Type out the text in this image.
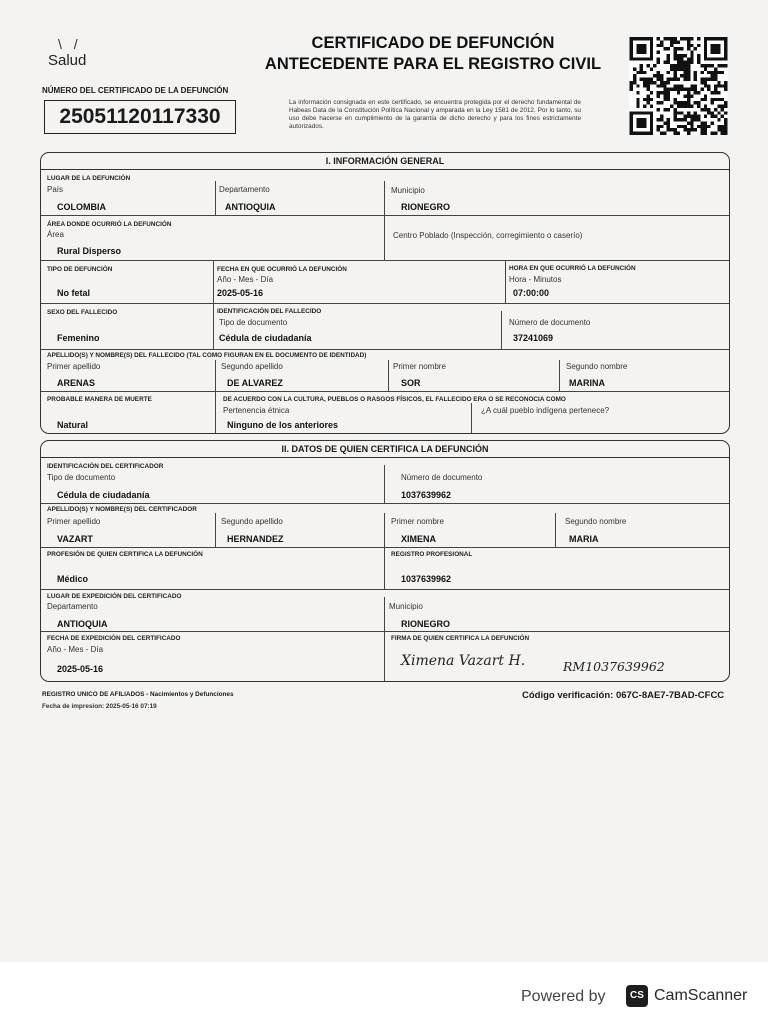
\ /
Salud
NÚMERO DEL CERTIFICADO DE LA DEFUNCIÓN
25051120117330
CERTIFICADO DE DEFUNCIÓN
ANTECEDENTE PARA EL REGISTRO CIVIL
La información consignada en este certificado, se encuentra protegida por el derecho fundamental de Habeas Data de la Constitución Política Nacional y amparada en la Ley 1581 de 2012. Por lo tanto, su uso debe hacerse en cumplimiento de la garantía de dicho derecho y para los fines estrictamente autorizados.
I. INFORMACIÓN GENERAL
LUGAR DE LA DEFUNCIÓN
País
COLOMBIA
Departamento
ANTIOQUIA
Municipio
RIONEGRO
ÁREA DONDE OCURRIÓ LA DEFUNCIÓN
Área
Rural Disperso
Centro Poblado (Inspección, corregimiento o caserío)
TIPO DE DEFUNCIÓN
No fetal
FECHA EN QUE OCURRIÓ LA DEFUNCIÓN
Año - Mes - Día
2025-05-16
HORA EN QUE OCURRIÓ LA DEFUNCIÓN
Hora - Minutos
07:00:00
SEXO DEL FALLECIDO
Femenino
IDENTIFICACIÓN DEL FALLECIDO
Tipo de documento
Cédula de ciudadanía
Número de documento
37241069
APELLIDO(S) Y NOMBRE(S) DEL FALLECIDO (TAL COMO FIGURAN EN EL DOCUMENTO DE IDENTIDAD)
Primer apellido
ARENAS
Segundo apellido
DE ALVAREZ
Primer nombre
SOR
Segundo nombre
MARINA
PROBABLE MANERA DE MUERTE
Natural
DE ACUERDO CON LA CULTURA, PUEBLOS O RASGOS FÍSICOS, EL FALLECIDO ERA O SE RECONOCIA COMO
Pertenencia étnica
Ninguno de los anteriores
¿A cuál pueblo indígena pertenece?
II. DATOS DE QUIEN CERTIFICA LA DEFUNCIÓN
IDENTIFICACIÓN DEL CERTIFICADOR
Tipo de documento
Cédula de ciudadanía
Número de documento
1037639962
APELLIDO(S) Y NOMBRE(S) DEL CERTIFICADOR
Primer apellido
VAZART
Segundo apellido
HERNANDEZ
Primer nombre
XIMENA
Segundo nombre
MARIA
PROFESIÓN DE QUIEN CERTIFICA LA DEFUNCIÓN
Médico
REGISTRO PROFESIONAL
1037639962
LUGAR DE EXPEDICIÓN DEL CERTIFICADO
Departamento
ANTIOQUIA
Municipio
RIONEGRO
FECHA DE EXPEDICIÓN DEL CERTIFICADO
Año - Mes - Día
2025-05-16
FIRMA DE QUIEN CERTIFICA LA DEFUNCIÓN
Ximena Vazart H.	RM1037639962
REGISTRO UNICO DE AFILIADOS - Nacimientos y Defunciones
Fecha de impresion: 2025-05-16 07:19
Código verificación: 067C-8AE7-7BAD-CFCC
Powered by	CS CamScanner
